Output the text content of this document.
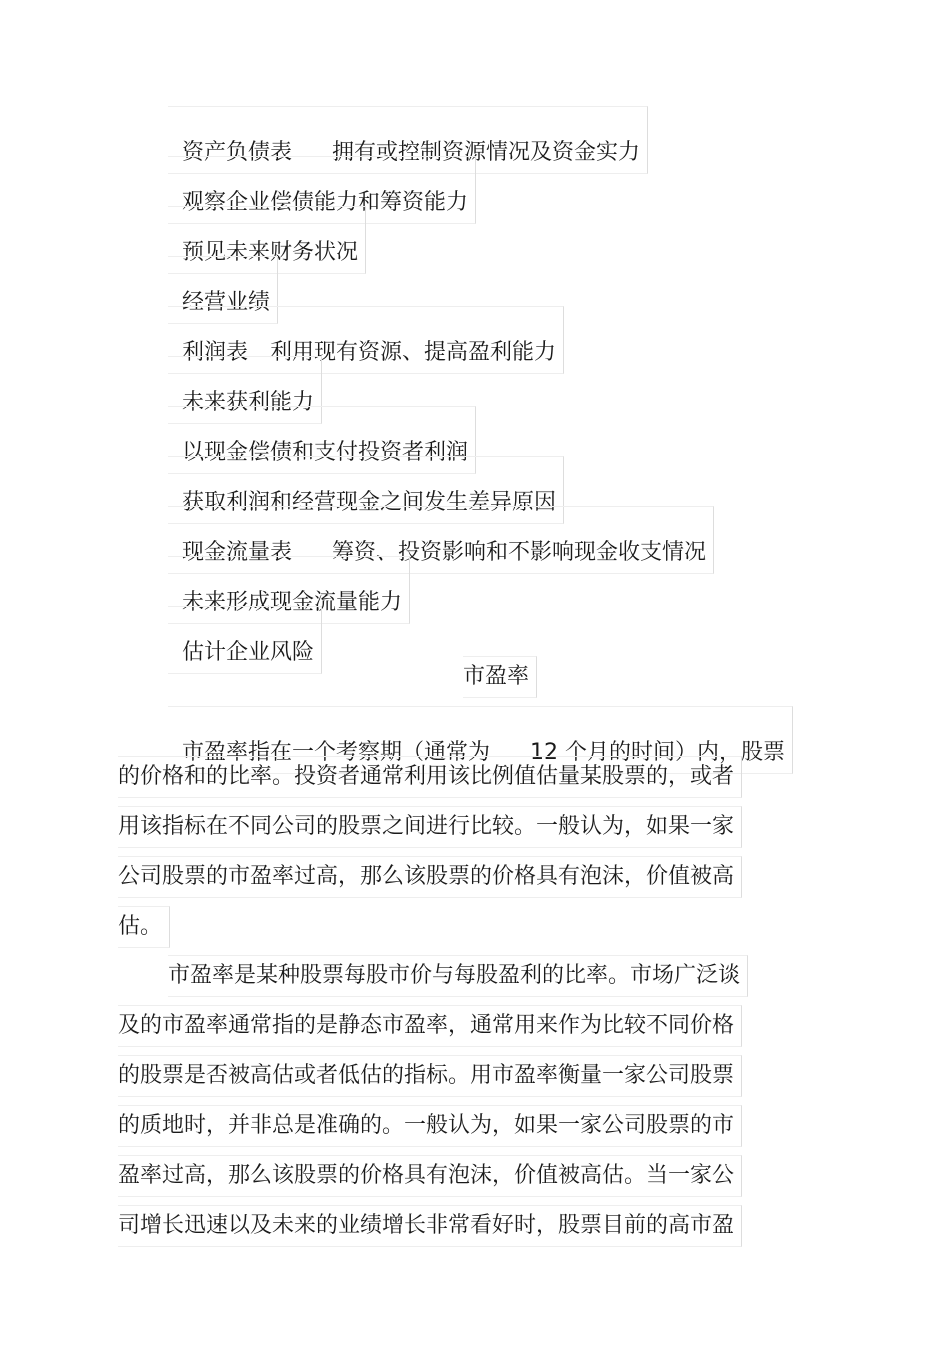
资产负债表 拥有或控制资源情况及资金实力

观察企业偿债能力和筹资能力

预见未来财务状况

经营业绩

利润表 利用现有资源、提高盈利能力

未来获利能力

以现金偿债和支付投资者利润

获取利润和经营现金之间发生差异原因

现金流量表 筹资、投资影响和不影响现金收支情况

未来形成现金流量能力

估计企业风险

市盈率

市盈率指在一个考察期（通常为 12 个月的时间）内，股票

的价格和的比率。投资者通常利用该比例值估量某股票的，或者
用该指标在不同公司的股票之间进行比较。一般认为，如果一家
公司股票的市盈率过高，那么该股票的价格具有泡沫，价值被高
估。
市盈率是某种股票每股市价与每股盈利的比率。市场广泛谈
及的市盈率通常指的是静态市盈率，通常用来作为比较不同价格
的股票是否被高估或者低估的指标。用市盈率衡量一家公司股票
的质地时，并非总是准确的。一般认为，如果一家公司股票的市
盈率过高，那么该股票的价格具有泡沫，价值被高估。当一家公
司增长迅速以及未来的业绩增长非常看好时，股票目前的高市盈
